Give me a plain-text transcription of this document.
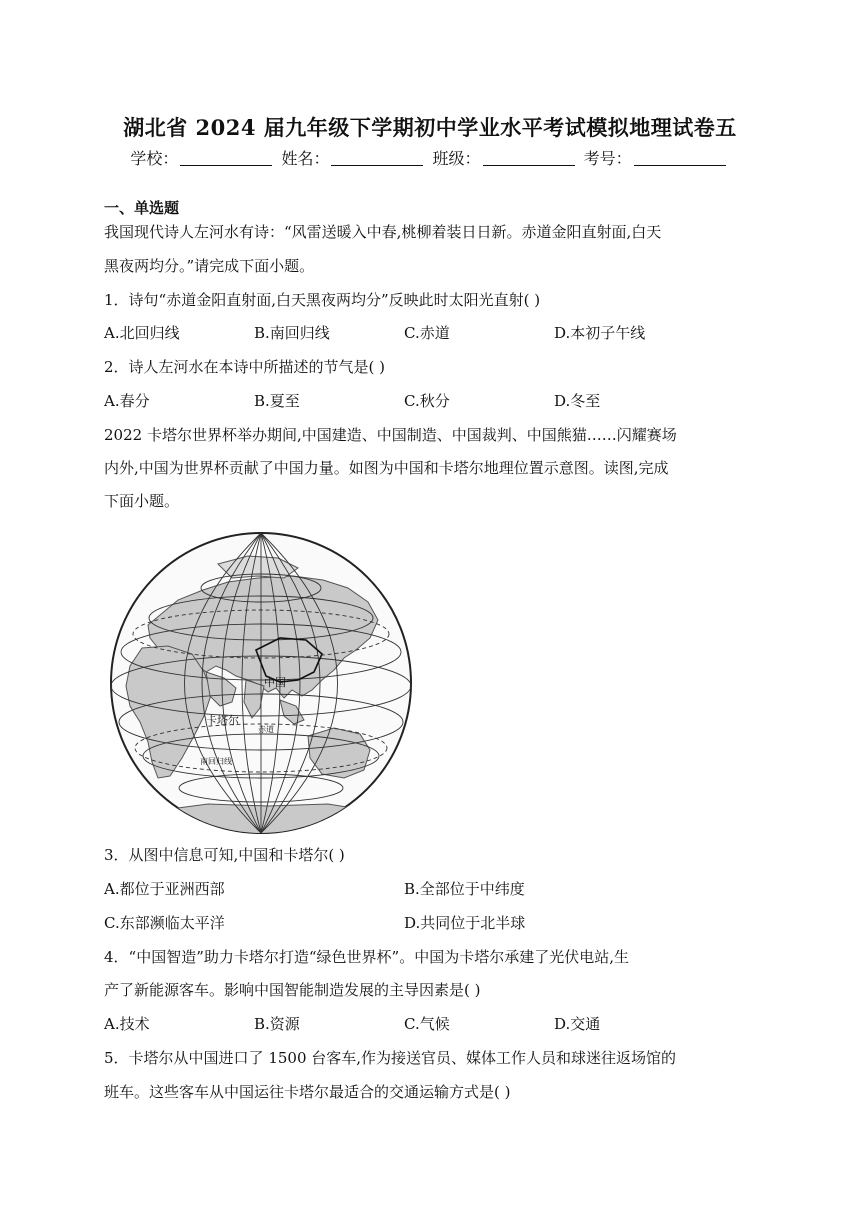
湖北省 2024 届九年级下学期初中学业水平考试模拟地理试卷五
学校：	姓名：	班级：	考号：
一、单选题
我国现代诗人左河水有诗：“风雷送暖入中春,桃柳着装日日新。赤道金阳直射面,白天
黑夜两均分。”请完成下面小题。
1．诗句“赤道金阳直射面,白天黑夜两均分”反映此时太阳光直射( )
A.北回归线	B.南回归线	C.赤道	D.本初子午线
2．诗人左河水在本诗中所描述的节气是( )
A.春分	B.夏至	C.秋分	D.冬至
2022 卡塔尔世界杯举办期间,中国建造、中国制造、中国裁判、中国熊猫……闪耀赛场
内外,中国为世界杯贡献了中国力量。如图为中国和卡塔尔地理位置示意图。读图,完成
下面小题。
中国
卡塔尔
赤道
南回归线
3．从图中信息可知,中国和卡塔尔( )
A.都位于亚洲西部	B.全部位于中纬度
C.东部濒临太平洋	D.共同位于北半球
4．“中国智造”助力卡塔尔打造“绿色世界杯”。中国为卡塔尔承建了光伏电站,生
产了新能源客车。影响中国智能制造发展的主导因素是( )
A.技术	B.资源	C.气候	D.交通
5．卡塔尔从中国进口了 1500 台客车,作为接送官员、媒体工作人员和球迷往返场馆的
班车。这些客车从中国运往卡塔尔最适合的交通运输方式是( )
